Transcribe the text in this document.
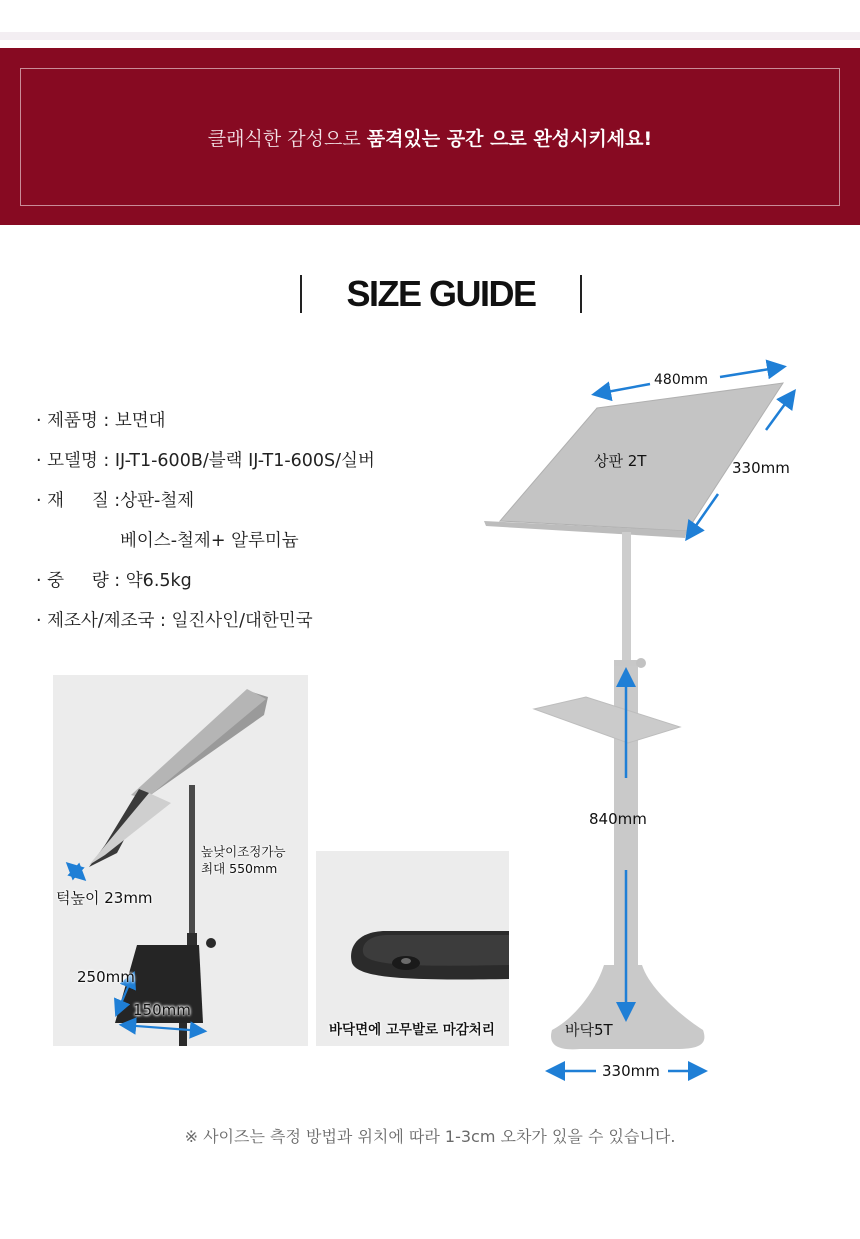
클래식한 감성으로 품격있는 공간 으로 완성시키세요!
SIZE GUIDE
· 제품명 : 보면대
· 모델명 : IJ-T1-600B/블랙 IJ-T1-600S/실버
· 재     질 :상판-철제
베이스-철제+ 알루미늄
· 중     량 : 약6.5kg
· 제조사/제조국 : 일진사인/대한민국
480mm
330mm
상판 2T
840mm
바닥5T
330mm
턱높이 23mm
높낮이조정가능
최대 550mm
250mm
150mm
바닥면에 고무발로 마감처리
※ 사이즈는 측정 방법과 위치에 따라 1-3cm 오차가 있을 수 있습니다.
